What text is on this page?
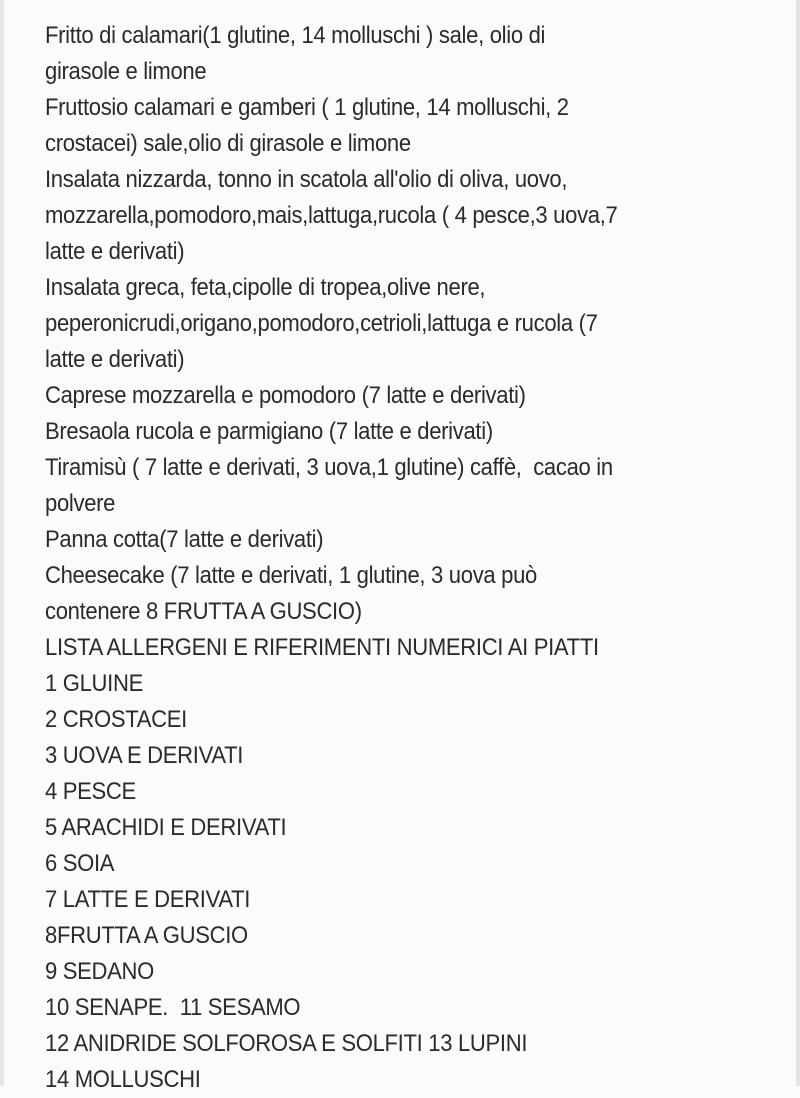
Fritto di calamari(1 glutine, 14 molluschi ) sale, olio di
girasole e limone
Fruttosio calamari e gamberi ( 1 glutine, 14 molluschi, 2
crostacei) sale,olio di girasole e limone
Insalata nizzarda, tonno in scatola all'olio di oliva, uovo,
mozzarella,pomodoro,mais,lattuga,rucola ( 4 pesce,3 uova,7
latte e derivati)
Insalata greca, feta,cipolle di tropea,olive nere,
peperonicrudi,origano,pomodoro,cetrioli,lattuga e rucola (7
latte e derivati)
Caprese mozzarella e pomodoro (7 latte e derivati)
Bresaola rucola e parmigiano (7 latte e derivati)
Tiramisù ( 7 latte e derivati, 3 uova,1 glutine) caffè,  cacao in
polvere
Panna cotta(7 latte e derivati)
Cheesecake (7 latte e derivati, 1 glutine, 3 uova può
contenere 8 FRUTTA A GUSCIO)
LISTA ALLERGENI E RIFERIMENTI NUMERICI AI PIATTI
1 GLUINE
2 CROSTACEI
3 UOVA E DERIVATI
4 PESCE
5 ARACHIDI E DERIVATI
6 SOIA
7 LATTE E DERIVATI
8FRUTTA A GUSCIO
9 SEDANO
10 SENAPE.  11 SESAMO
12 ANIDRIDE SOLFOROSA E SOLFITI 13 LUPINI
14 MOLLUSCHI
